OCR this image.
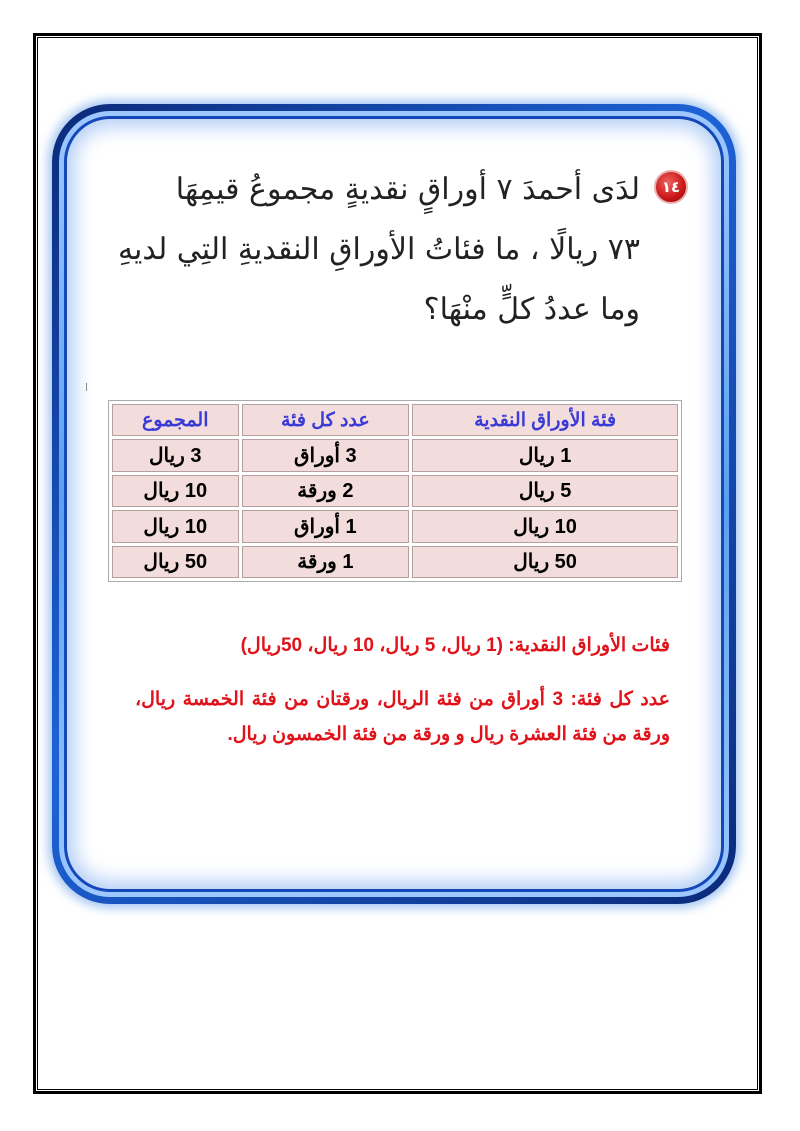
١٤
لدَى أحمدَ ٧ أوراقٍ نقديةٍ مجموعُ قيمِهَا
٧٣ ريالًا ، ما فئاتُ الأوراقِ النقديةِ التِي لديهِ
وما عددُ كلٍّ منْهَا؟
فئة الأوراق النقدية	عدد كل فئة	المجموع
1 ريال	3 أوراق	3 ريال
5 ريال	2 ورقة	10 ريال
10 ريال	1 أوراق	10 ريال
50 ريال	1 ورقة	50 ريال
فئات الأوراق النقدية: (1 ريال، 5 ريال، 10 ريال، 50ريال)
عدد كل فئة: 3 أوراق من فئة الريال، ورقتان من فئة الخمسة ريال، ورقة من فئة العشرة ريال و ورقة من فئة الخمسون ريال.
